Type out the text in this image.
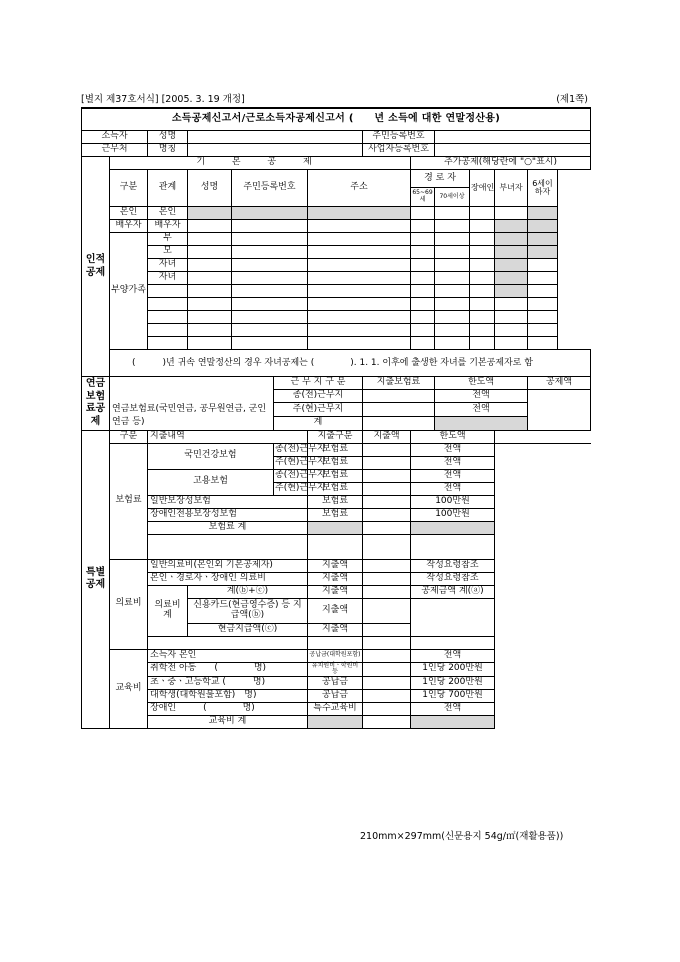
[별지 제37호서식] [2005. 3. 19 개정]	(제1쪽)

소득공제신고서/근로소득자공제신고서 (　　년 소득에 대한 연말정산용)												
소득자		성명					주민등록번호					
근무처		명칭					사업자등록번호					
인적공제	기 본 공 제							추가공제(해당란에 "○"표시)				
	구분	관계	성명	주민등록번호		주소		경 로 자		장애인	부녀자	6세이하자
								65~69세	70세이상			
	본인	본인										
	배우자	배우자										
	부양가족	부										
		모										
		자녀										
		자녀										

	(　　　)년 귀속 연말정산의 경우 자녀공제는 (　　　　). 1. 1. 이후에 출생한 자녀를 기본공제자로 함											
연금보험료공제					근 무 지 구 분		지출보험료		한도액			공제액
					종(전)근무지				전액			
	연금보험료(국민연금, 공무원연금, 군인연금 등)				주(현)근무지				전액			
					계							
특별공제	구분	지출내역				지출구분	지출액	한도액				
	보험료	국민건강보험			종(전)근무지	보험료		전액				
					주(현)근무지	보험료		전액				
		고용보험			종(전)근무지	보험료		전액				
					주(현)근무지	보험료		전액				
		일반보장성보험				보험료		100만원				
		장애인전용보장성보험				보험료		100만원				
		보험료 계										

	의료비	일반의료비(본인외 기본공제자)				지출액		작성요령참조				
		본인ㆍ경로자ㆍ장애인 의료비				지출액		작성요령참조				
		의료비 계	계(ⓑ+ⓒ)			지출액		공제금액 계(ⓐ)				
			신용카드(현금영수증) 등 지급액(ⓑ)			지출액						
			현금지급액(ⓒ)			지출액						

	교육비	소득자 본인				공납금(대학원포함)		전액				

		취학전 아동　　(　　　　명)				유치원비ㆍ학원비 등		1인당 200만원				

		초ㆍ중ㆍ고등학교 (　　　명)				공납금		1인당 200만원				
		대학생(대학원불포함)　명)				공납금		1인당 700만원				
		장애인　　　(　　　　명)				특수교육비		전액				

		교육비 계										
210mm×297mm(신문용지 54g/㎡(재활용품))
